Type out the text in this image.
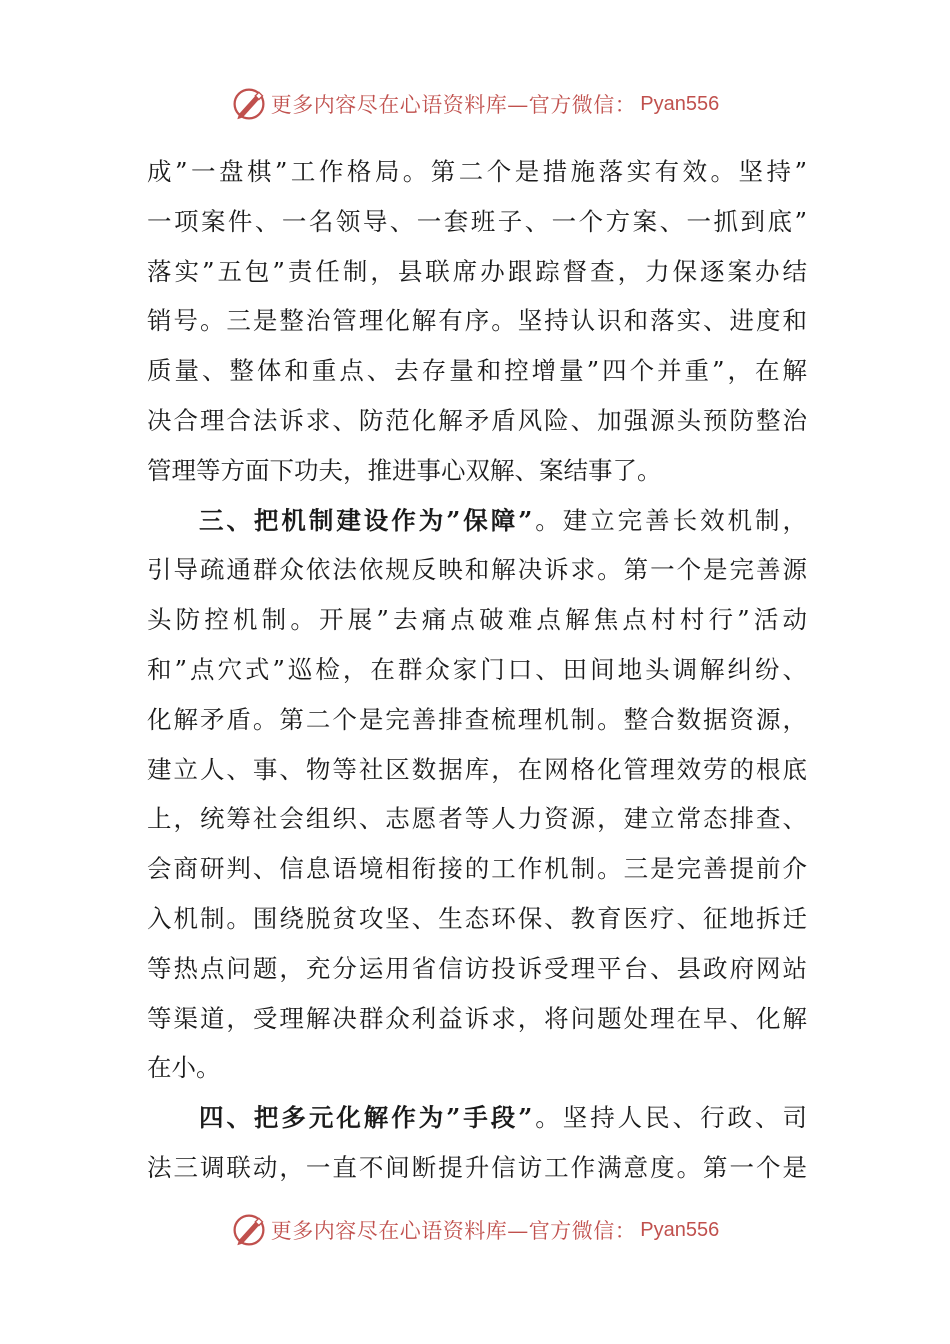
更多内容尽在心语资料库—官方微信： Pyan556
成”一盘棋”工作格局。第二个是措施落实有效。坚持”
一项案件、一名领导、一套班子、一个方案、一抓到底”
落实”五包”责任制，县联席办跟踪督查，力保逐案办结
销号。三是整治管理化解有序。坚持认识和落实、进度和
质量、整体和重点、去存量和控增量”四个并重”，在解
决合理合法诉求、防范化解矛盾风险、加强源头预防整治
管理等方面下功夫，推进事心双解、案结事了。
三、把机制建设作为”保障”。建立完善长效机制，
引导疏通群众依法依规反映和解决诉求。第一个是完善源
头防控机制。开展”去痛点破难点解焦点村村行”活动
和”点穴式”巡检，在群众家门口、田间地头调解纠纷、
化解矛盾。第二个是完善排查梳理机制。整合数据资源，
建立人、事、物等社区数据库，在网格化管理效劳的根底
上，统筹社会组织、志愿者等人力资源，建立常态排查、
会商研判、信息语境相衔接的工作机制。三是完善提前介
入机制。围绕脱贫攻坚、生态环保、教育医疗、征地拆迁
等热点问题，充分运用省信访投诉受理平台、县政府网站
等渠道，受理解决群众利益诉求，将问题处理在早、化解
在小。
四、把多元化解作为”手段”。坚持人民、行政、司
法三调联动，一直不间断提升信访工作满意度。第一个是
更多内容尽在心语资料库—官方微信： Pyan556
